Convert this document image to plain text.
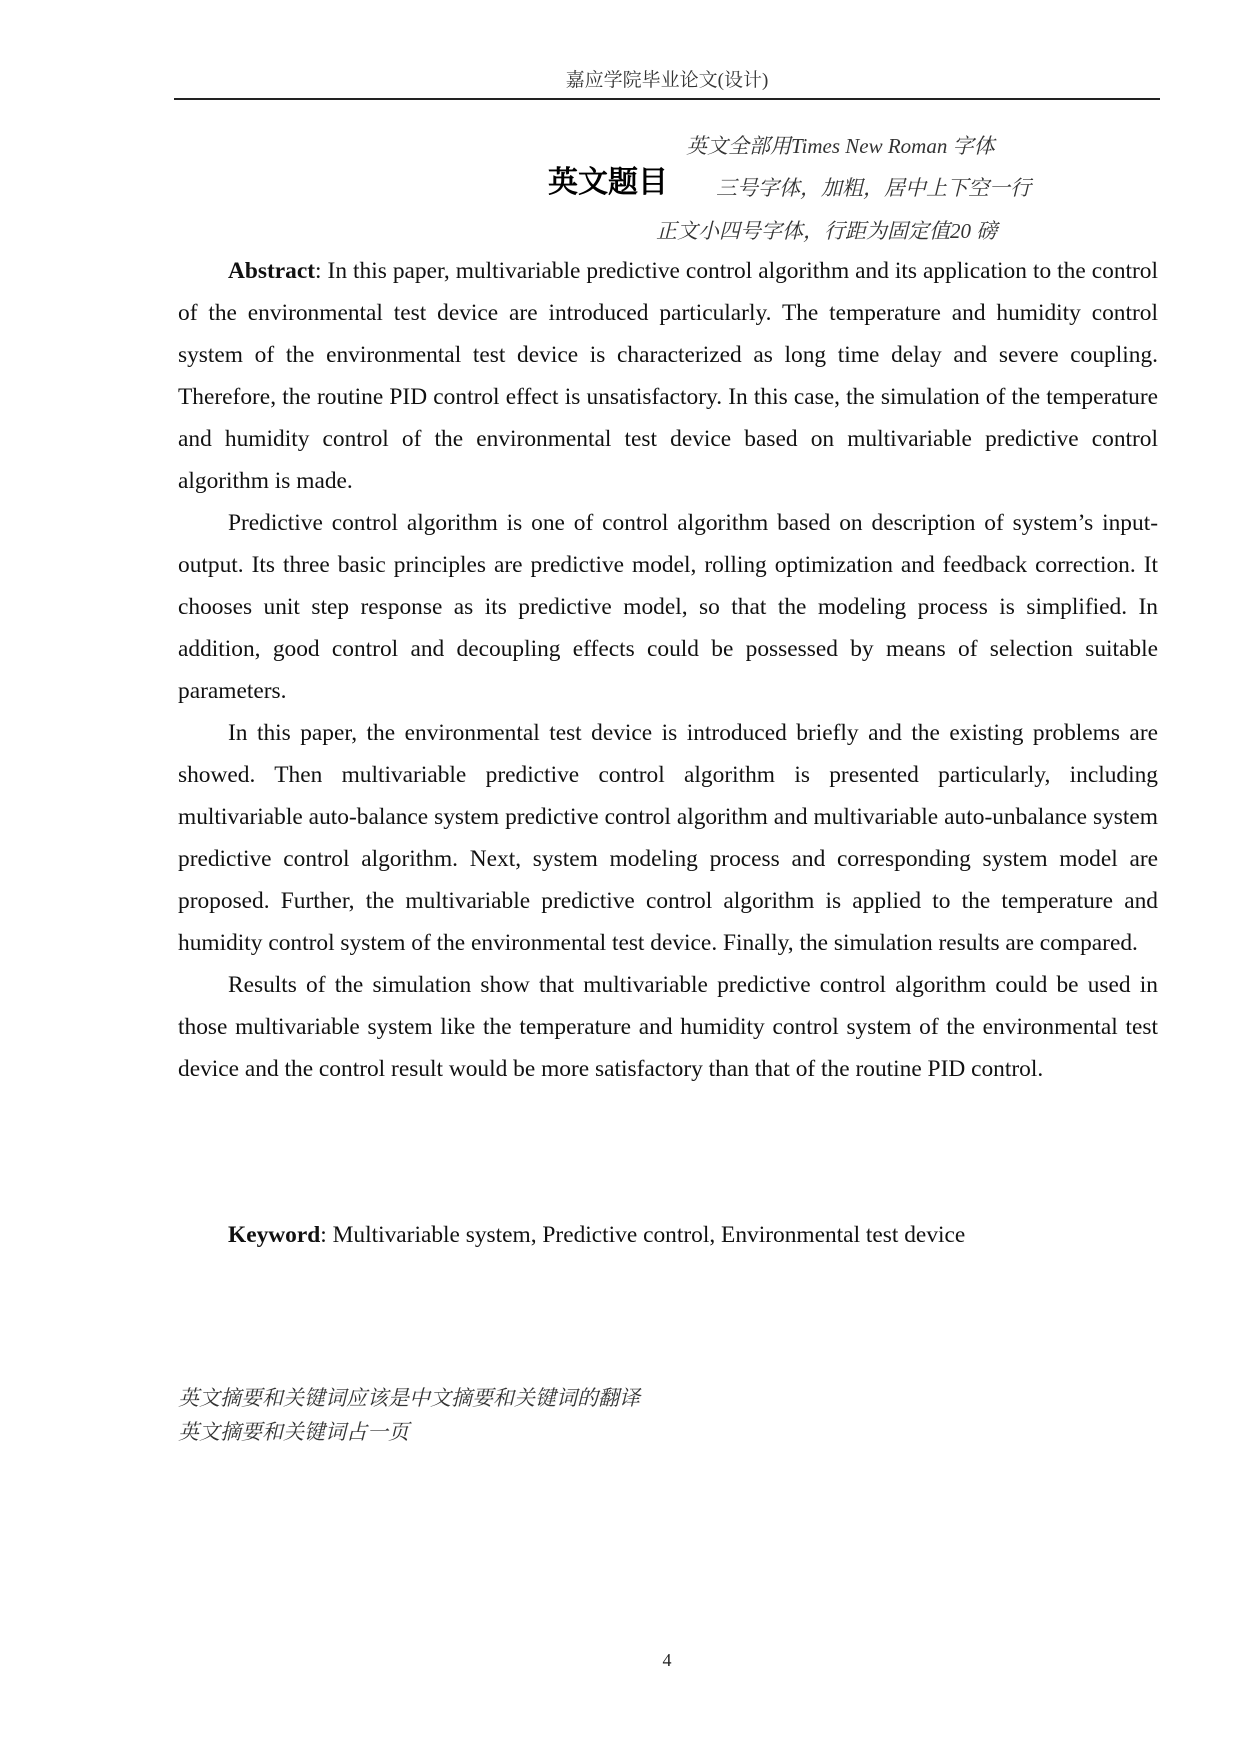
嘉应学院毕业论文(设计)
英文全部用Times New Roman 字体
英文题目 三号字体，加粗，居中上下空一行
正文小四号字体，行距为固定值20 磅

Abstract: In this paper, multivariable predictive control algorithm and its application to the control of the environmental test device are introduced particularly. The temperature and humidity control system of the environmental test device is characterized as long time delay and severe coupling. Therefore, the routine PID control effect is unsatisfactory. In this case, the simulation of the temperature and humidity control of the environmental test device based on multivariable predictive control algorithm is made.

Predictive control algorithm is one of control algorithm based on description of system’s input-output. Its three basic principles are predictive model, rolling optimization and feedback correction. It chooses unit step response as its predictive model, so that the modeling process is simplified. In addition, good control and decoupling effects could be possessed by means of selection suitable parameters.

In this paper, the environmental test device is introduced briefly and the existing problems are showed. Then multivariable predictive control algorithm is presented particularly, including multivariable auto-balance system predictive control algorithm and multivariable auto-unbalance system predictive control algorithm. Next, system modeling process and corresponding system model are proposed. Further, the multivariable predictive control algorithm is applied to the temperature and humidity control system of the environmental test device. Finally, the simulation results are compared.

Results of the simulation show that multivariable predictive control algorithm could be used in those multivariable system like the temperature and humidity control system of the environmental test device and the control result would be more satisfactory than that of the routine PID control.

Keyword: Multivariable system, Predictive control, Environmental test device
英文摘要和关键词应该是中文摘要和关键词的翻译
英文摘要和关键词占一页
4
